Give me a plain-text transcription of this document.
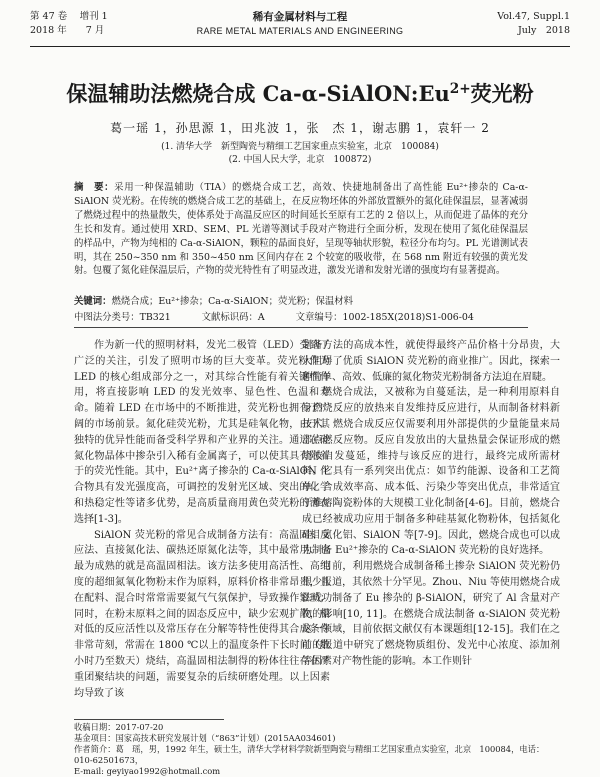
第 47 卷　 增刊 1
2018 年　　7 月
稀有金属材料与工程
RARE METAL MATERIALS AND ENGINEERING
Vol.47, Suppl.1
July　2018
保温辅助法燃烧合成 $Ca-\alpha-SiAlON:Eu^{2+}$荧光粉
葛一瑶 1，孙思源 1，田兆波 1，张　杰 1，谢志鹏 1，袁轩一 2
(1. 清华大学　新型陶瓷与精细工艺国家重点实验室，北京　100084)
(2. 中国人民大学，北京　100872)
摘　要：采用一种保温辅助（TIA）的燃烧合成工艺，高效、快捷地制备出了高性能 Eu²⁺掺杂的 Ca-α-SiAlON 荧光粉。在传统的燃烧合成工艺的基础上，在反应物坯体的外部放置额外的氮化硅保温层，显著减弱了燃烧过程中的热量散失，使体系处于高温反应区的时间延长至原有工艺的 2 倍以上，从而促进了晶体的充分生长和发育。通过使用 XRD、SEM、PL 光谱等测试手段对产物进行全面分析，发现在使用了氮化硅保温层的样品中，产物为纯相的 Ca-α-SiAlON，颗粒的晶面良好，呈现等轴状形貌，粒径分布均匀。PL 光谱测试表明，其在 250~350 nm 和 350~450 nm 区间内存在 2 个较宽的吸收带，在 568 nm 附近有较强的黄光发射。包覆了氮化硅保温层后，产物的荧光特性有了明显改进，激发光谱和发射光谱的强度均有显著提高。
关键词：燃烧合成；Eu²⁺掺杂；Ca-α-SiAlON；荧光粉；保温材料
中图法分类号：TB321	文献标识码：A	文章编号：1002-185X(2018)S1-006-04

作为新一代的照明材料，发光二极管（LED）受到了广泛的关注，引发了照明市场的巨大变革。荧光粉作为 LED 的核心组成部分之一，对其综合性能有着关键性作用，将直接影响 LED 的发光效率、显色性、色温和寿命。随着 LED 在市场中的不断推进，荧光粉也拥有了广阔的市场前景。氮化硅荧光粉，尤其是硅氧化物，由于其独特的优异性能而备受科学界和产业界的关注。通过在硅氮化物晶体中掺杂引入稀有金属离子，可以使其具有附着于的荧光性能。其中，Eu²⁺离子掺杂的 Ca-α-SiAlON 化合物具有发光强度高，可调控的发射光区域、突出的化学和热稳定性等诸多优势，是高质量商用黄色荧光粉的潜在选择[1-3]。

SiAlON 荧光粉的常见合成制备方法有：高温固相反应法、直接氮化法、碳热还原氮化法等，其中最常用、也最为成熟的就是高温固相法。该方法多使用高活性、高纯度的超细氮氧化物粉末作为原料，原料价格非常昂贵，且在配料、混合时常常需要氮气气氛保护，导致操作繁琐；同时，在粉末原料之间的固态反应中，缺少宏观扩散，相对低的反应活性以及常压存在分解等特性使得其合成条件非常苛刻，常需在 1800 ℃以上的温度条件下长时间（数小时乃至数天）烧结，高温固相法制得的粉体往往存在严重团聚结块的问题，需要复杂的后续研磨处理。以上因素均导致了该

制备方法的高成本性，就使得最终产品价格十分昂贵，大大阻碍了优质 SiAlON 荧光粉的商业推广。因此，探索一种简单、高效、低廉的氮化物荧光粉制备方法迫在眉睫。

燃烧合成法，又被称为自蔓延法，是一种利用原料自身燃烧反应的放热来自发维持反应进行，从而制备材料新技术。燃烧合成反应仅需要利用外部提供的少量能量来局部点燃反应物。反应自发放出的大量热量会保证形成的燃烧波自发蔓延，维持与该反应的进行，最终完成所需材料。它具有一系列突出优点：如节约能源、设备和工艺简单、合成效率高、成本低、污染少等突出优点，非常适宜于难熔陶瓷粉体的大规模工业化制备[4-6]。目前，燃烧合成已经被成功应用于制备多种硅基氮化物粉体，包括氮化硅、氮化铝、SiAlON 等[7-9]。因此，燃烧合成也可以成为制备 Eu²⁺掺杂的 Ca-α-SiAlON 荧光粉的良好选择。

目前，利用燃烧合成制备稀土掺杂 SiAlON 荧光粉仍很少报道，其依然十分罕见。Zhou、Niu 等使用燃烧合成法成功制备了 Eu 掺杂的 β-SiAlON，研究了 Al 含量对产物的影响[10, 11]。在燃烧合成法制备 α-SiAlON 荧光粉这一领域，目前依据文献仅有本课题组[12-15]。我们在之前的报道中研究了燃烧物质组份、发光中心浓度、添加剂等因素对产物性能的影响。本工作则针

收稿日期：2017-07-20
基金项目：国家高技术研究发展计划（“863”计划）(2015AA034601)
作者简介：葛　瑶，男，1992 年生，硕士生，清华大学材料学院新型陶瓷与精细工艺国家重点实验室，北京　100084，电话：010-62501673，
E-mail: geyiyao1992@hotmail.com
